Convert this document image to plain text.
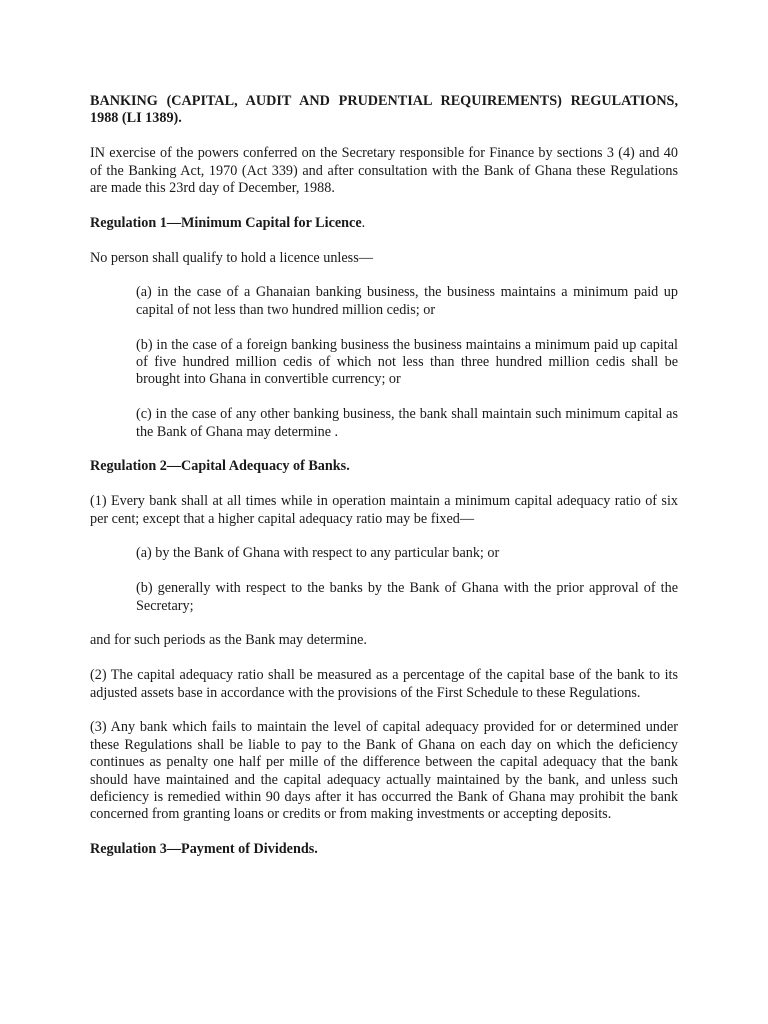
BANKING (CAPITAL, AUDIT AND PRUDENTIAL REQUIREMENTS) REGULATIONS, 1988 (LI 1389).

IN exercise of the powers conferred on the Secretary responsible for Finance by sections 3 (4) and 40 of the Banking Act, 1970 (Act 339) and after consultation with the Bank of Ghana these Regulations are made this 23rd day of December, 1988.

Regulation 1—Minimum Capital for Licence.

No person shall qualify to hold a licence unless—

(a) in the case of a Ghanaian banking business, the business maintains a minimum paid up capital of not less than two hundred million cedis; or

(b) in the case of a foreign banking business the business maintains a minimum paid up capital of five hundred million cedis of which not less than three hundred million cedis shall be brought into Ghana in convertible currency; or

(c) in the case of any other banking business, the bank shall maintain such minimum capital as the Bank of Ghana may determine .

Regulation 2—Capital Adequacy of Banks.

(1) Every bank shall at all times while in operation maintain a minimum capital adequacy ratio of six per cent; except that a higher capital adequacy ratio may be fixed—

(a) by the Bank of Ghana with respect to any particular bank; or

(b) generally with respect to the banks by the Bank of Ghana with the prior approval of the Secretary;

and for such periods as the Bank may determine.

(2) The capital adequacy ratio shall be measured as a percentage of the capital base of the bank to its adjusted assets base in accordance with the provisions of the First Schedule to these Regulations.

(3) Any bank which fails to maintain the level of capital adequacy provided for or determined under these Regulations shall be liable to pay to the Bank of Ghana on each day on which the deficiency continues as penalty one half per mille of the difference between the capital adequacy that the bank should have maintained and the capital adequacy actually maintained by the bank, and unless such deficiency is remedied within 90 days after it has occurred the Bank of Ghana may prohibit the bank concerned from granting loans or credits or from making investments or accepting deposits.

Regulation 3—Payment of Dividends.
